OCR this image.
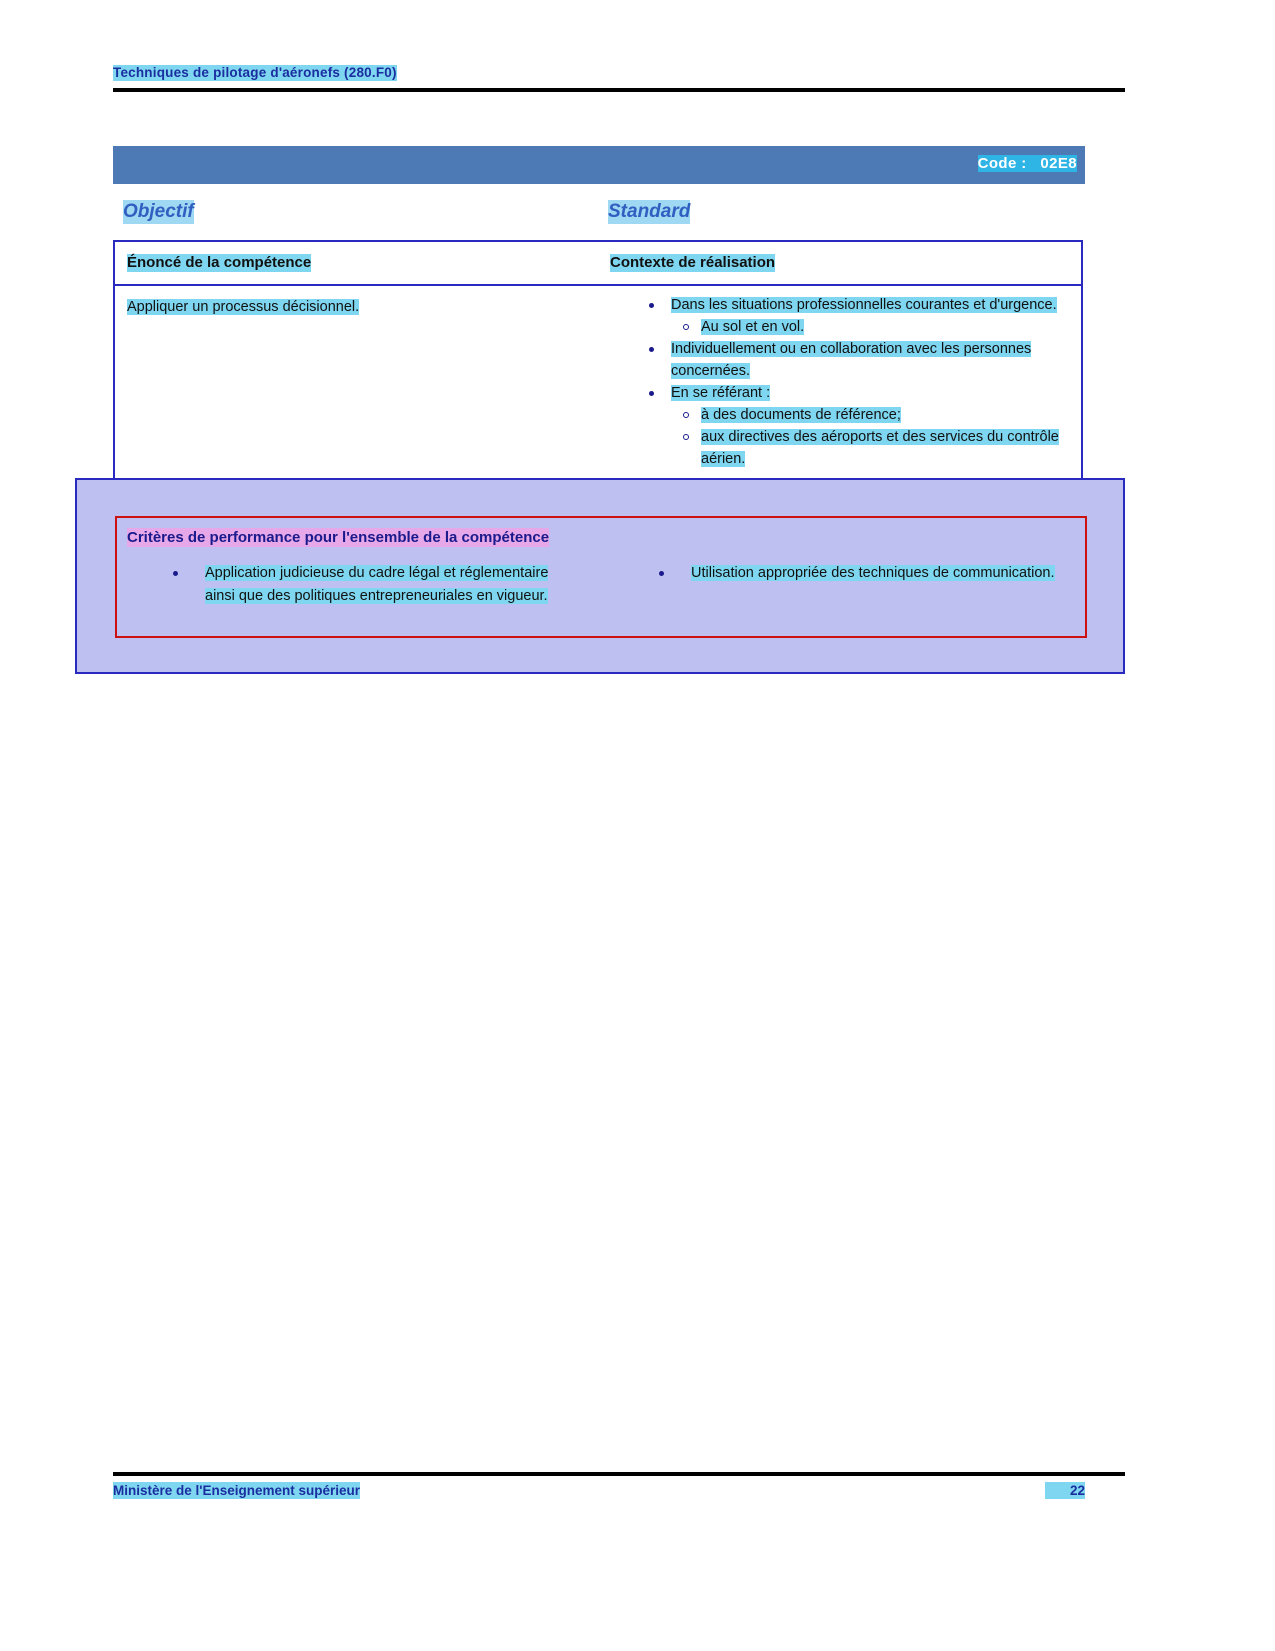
Techniques de pilotage d'aéronefs (280.F0)
Code :   02E8
Objectif	Standard
Énoncé de la compétence	Contexte de réalisation
Appliquer un processus décisionnel.	Dans les situations professionnelles courantes et d'urgence.
Au sol et en vol.
Individuellement ou en collaboration avec les personnes concernées.
En se référant :
à des documents de référence;
aux directives des aéroports et des services du contrôle aérien.
Critères de performance pour l'ensemble de la compétence
Application judicieuse du cadre légal et réglementaire ainsi que des politiques entrepreneuriales en vigueur.
Utilisation appropriée des techniques de communication.
Ministère de l'Enseignement supérieur	22
